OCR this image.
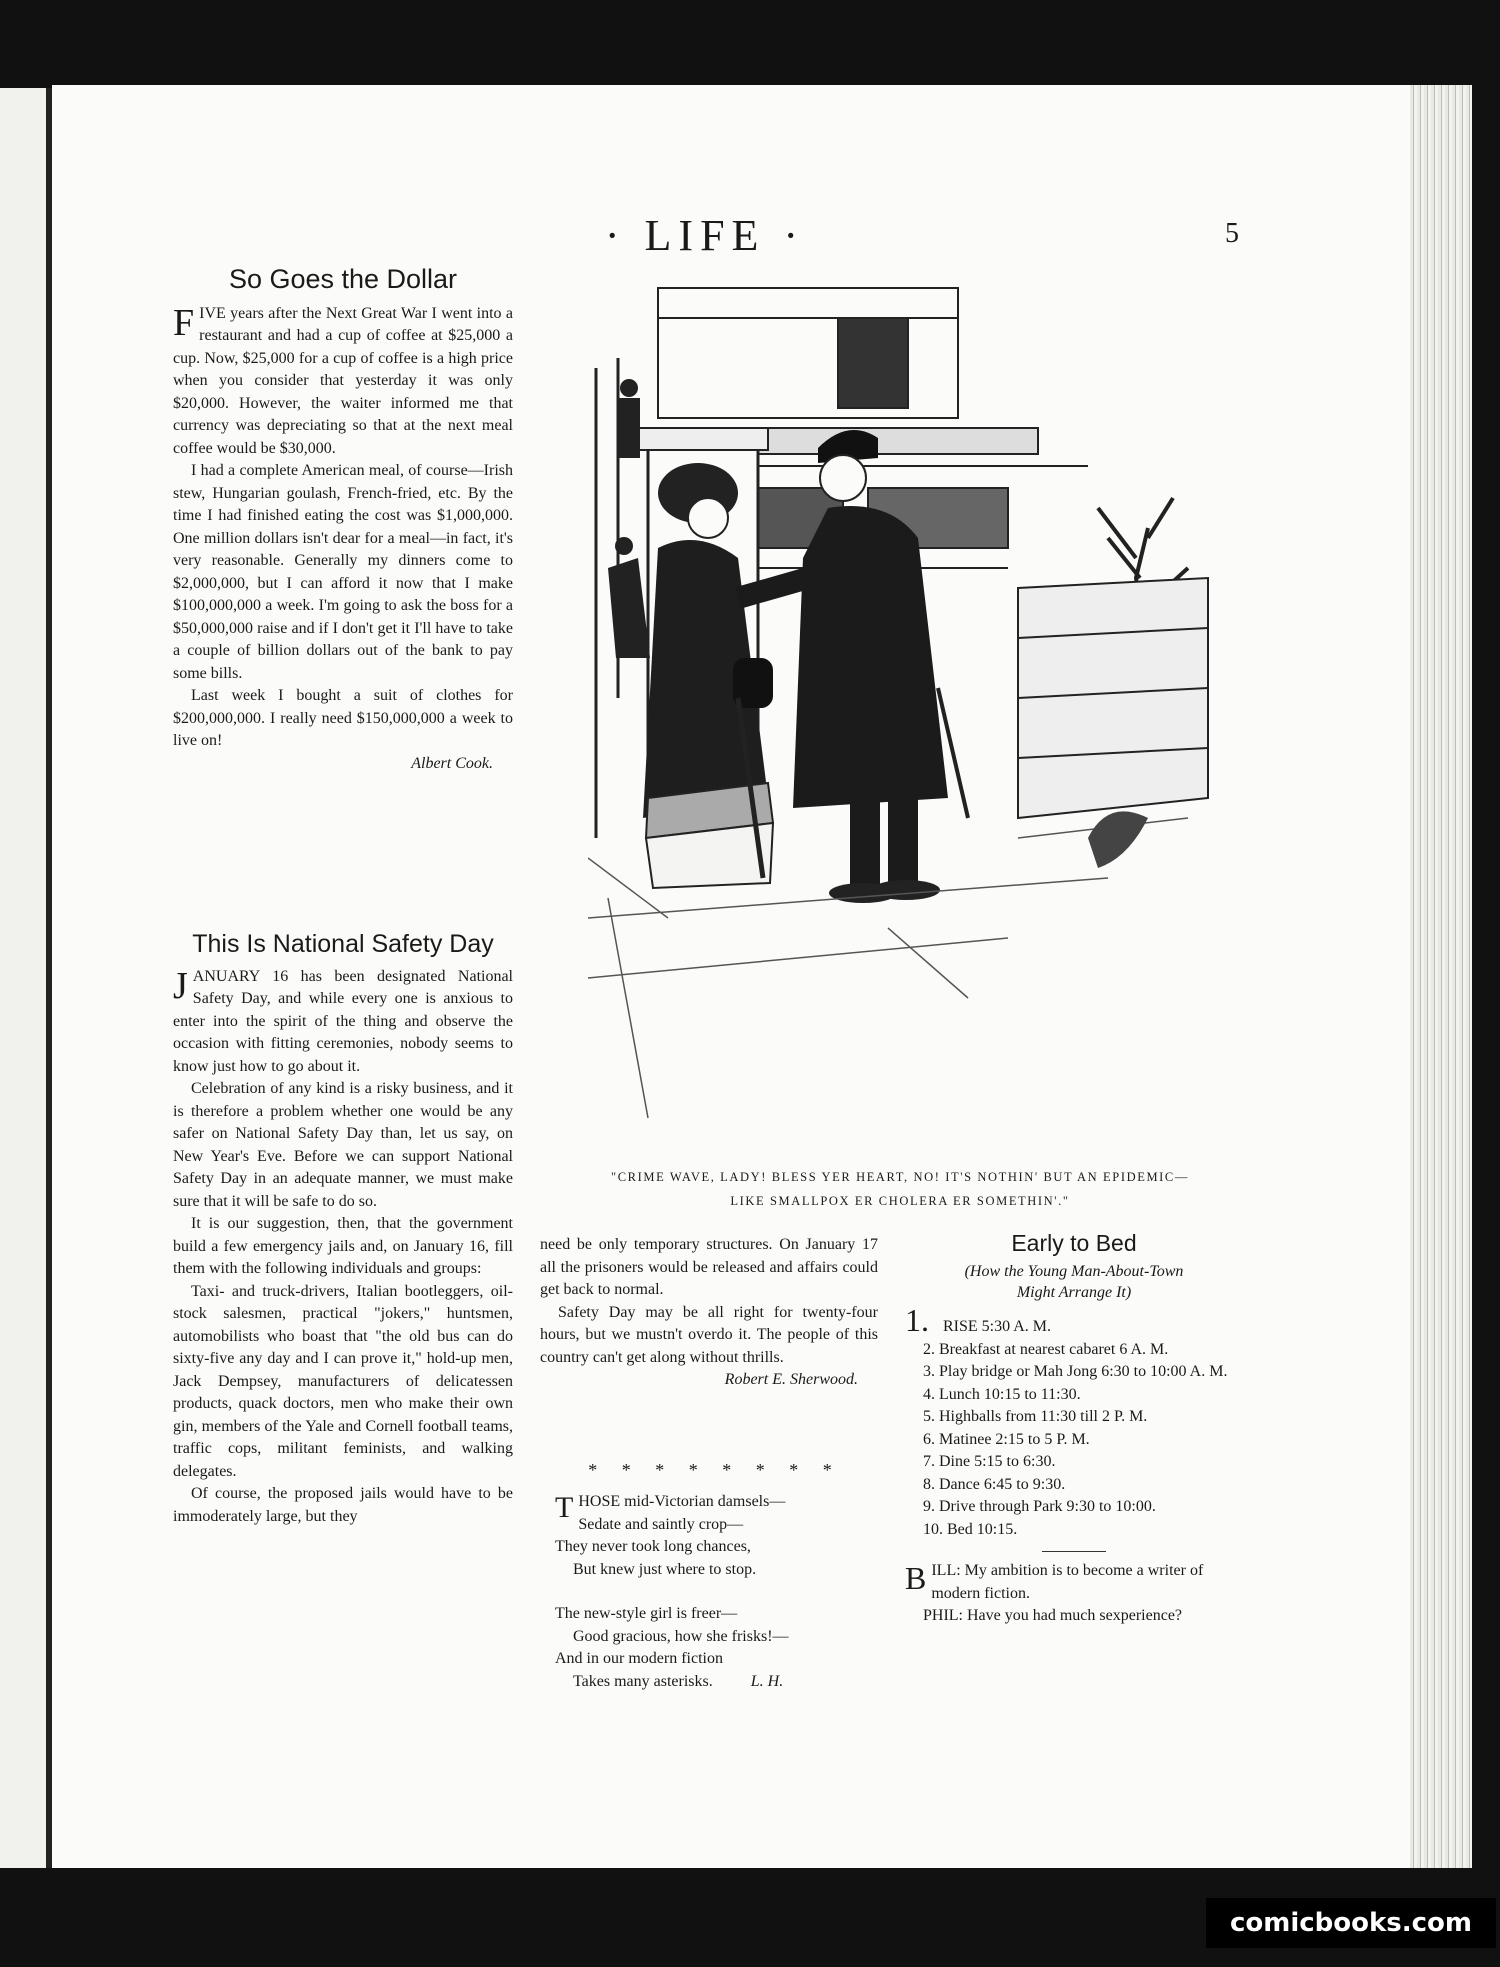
· LIFE ·	5
So Goes the Dollar

FIVE years after the Next Great War I went into a restaurant and had a cup of coffee at $25,000 a cup. Now, $25,000 for a cup of coffee is a high price when you consider that yesterday it was only $20,000. However, the waiter informed me that currency was depreciating so that at the next meal coffee would be $30,000.

I had a complete American meal, of course—Irish stew, Hungarian goulash, French-fried, etc. By the time I had finished eating the cost was $1,000,000. One million dollars isn't dear for a meal—in fact, it's very reasonable. Generally my dinners come to $2,000,000, but I can afford it now that I make $100,000,000 a week. I'm going to ask the boss for a $50,000,000 raise and if I don't get it I'll have to take a couple of billion dollars out of the bank to pay some bills.

Last week I bought a suit of clothes for $200,000,000. I really need $150,000,000 a week to live on!

Albert Cook.

This Is National Safety Day

JANUARY 16 has been designated National Safety Day, and while every one is anxious to enter into the spirit of the thing and observe the occasion with fitting ceremonies, nobody seems to know just how to go about it.

Celebration of any kind is a risky business, and it is therefore a problem whether one would be any safer on National Safety Day than, let us say, on New Year's Eve. Before we can support National Safety Day in an adequate manner, we must make sure that it will be safe to do so.

It is our suggestion, then, that the government build a few emergency jails and, on January 16, fill them with the following individuals and groups:

Taxi- and truck-drivers, Italian bootleggers, oil-stock salesmen, practical "jokers," huntsmen, automobilists who boast that "the old bus can do sixty-five any day and I can prove it," hold-up men, Jack Dempsey, manufacturers of delicatessen products, quack doctors, men who make their own gin, members of the Yale and Cornell football teams, traffic cops, militant feminists, and walking delegates.

Of course, the proposed jails would have to be immoderately large, but they

"CRIME WAVE, LADY! BLESS YER HEART, NO! IT'S NOTHIN' BUT AN EPIDEMIC—
LIKE SMALLPOX ER CHOLERA ER SOMETHIN'."

need be only temporary structures. On January 17 all the prisoners would be released and affairs could get back to normal.

Safety Day may be all right for twenty-four hours, but we mustn't overdo it. The people of this country can't get along without thrills.

Robert E. Sherwood.

* * * * * * * *

THOSE mid-Victorian damsels—

Sedate and saintly crop—

They never took long chances,

But knew just where to stop.

The new-style girl is freer—

Good gracious, how she frisks!—

And in our modern fiction

Takes many asterisks. L. H.

Early to Bed
(How the Young Man-About-Town
Might Arrange It)

1. RISE 5:30 A. M.

2. Breakfast at nearest cabaret 6 A. M.

3. Play bridge or Mah Jong 6:30 to 10:00 A. M.

4. Lunch 10:15 to 11:30.

5. Highballs from 11:30 till 2 P. M.

6. Matinee 2:15 to 5 P. M.

7. Dine 5:15 to 6:30.

8. Dance 6:45 to 9:30.

9. Drive through Park 9:30 to 10:00.

10. Bed 10:15.

BILL: My ambition is to become a writer of modern fiction.

PHIL: Have you had much sexperience?

comicbooks.com
